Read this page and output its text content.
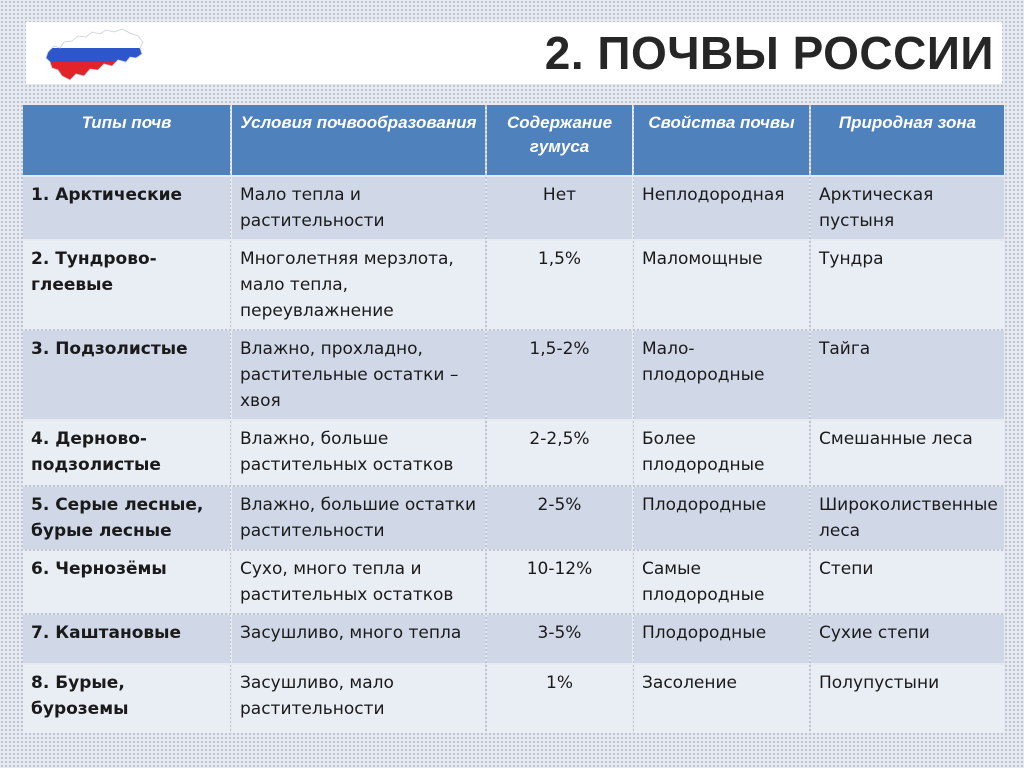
2. ПОЧВЫ РОССИИ
Типы почв	Условия почвообразования	Содержание гумуса	Свойства почвы	Природная зона
1. Арктические	Мало тепла и растительности	Нет	Неплодородная	Арктическая пустыня
2. Тундрово-глеевые	Многолетняя мерзлота, мало тепла, переувлажнение	1,5%	Маломощные	Тундра
3. Подзолистые	Влажно, прохладно, растительные остатки – хвоя	1,5-2%	Мало-плодородные	Тайга
4. Дерново-подзолистые	Влажно, больше растительных остатков	2-2,5%	Более плодородные	Смешанные леса
5. Серые лесные, бурые лесные	Влажно, большие остатки растительности	2-5%	Плодородные	Широколиственные леса
6. Чернозёмы	Сухо, много тепла и растительных остатков	10-12%	Самые плодородные	Степи
7. Каштановые	Засушливо, много тепла	3-5%	Плодородные	Сухие степи
8. Бурые, буроземы	Засушливо, мало растительности	1%	Засоление	Полупустыни
